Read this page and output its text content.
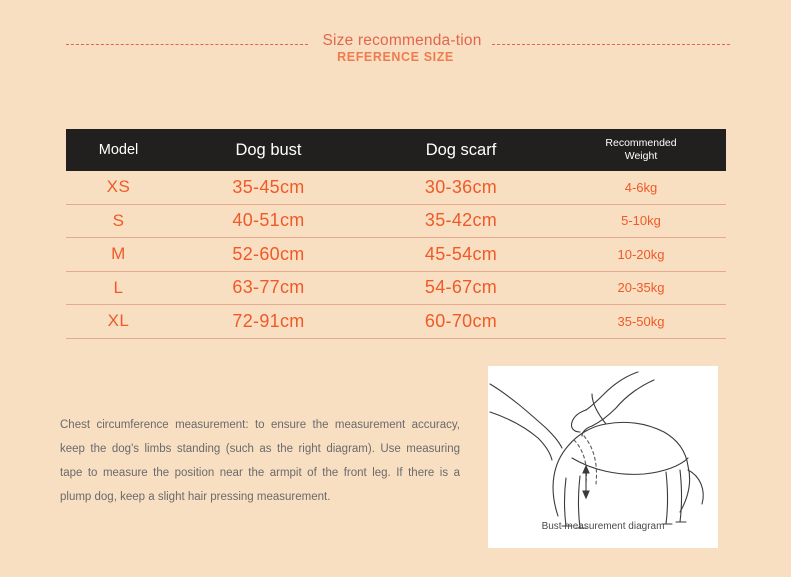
Size recommenda-tion
REFERENCE SIZE
Model	Dog bust	Dog scarf	Recommended
Weight
XS	35-45cm	30-36cm	4-6kg
S	40-51cm	35-42cm	5-10kg
M	52-60cm	45-54cm	10-20kg
L	63-77cm	54-67cm	20-35kg
XL	72-91cm	60-70cm	35-50kg
Chest circumference measurement: to ensure the measurement accuracy, keep the dog's limbs standing (such as the right diagram). Use measuring tape to measure the position near the armpit of the front leg. If there is a plump dog, keep a slight hair pressing measurement.
Bust measurement diagram
